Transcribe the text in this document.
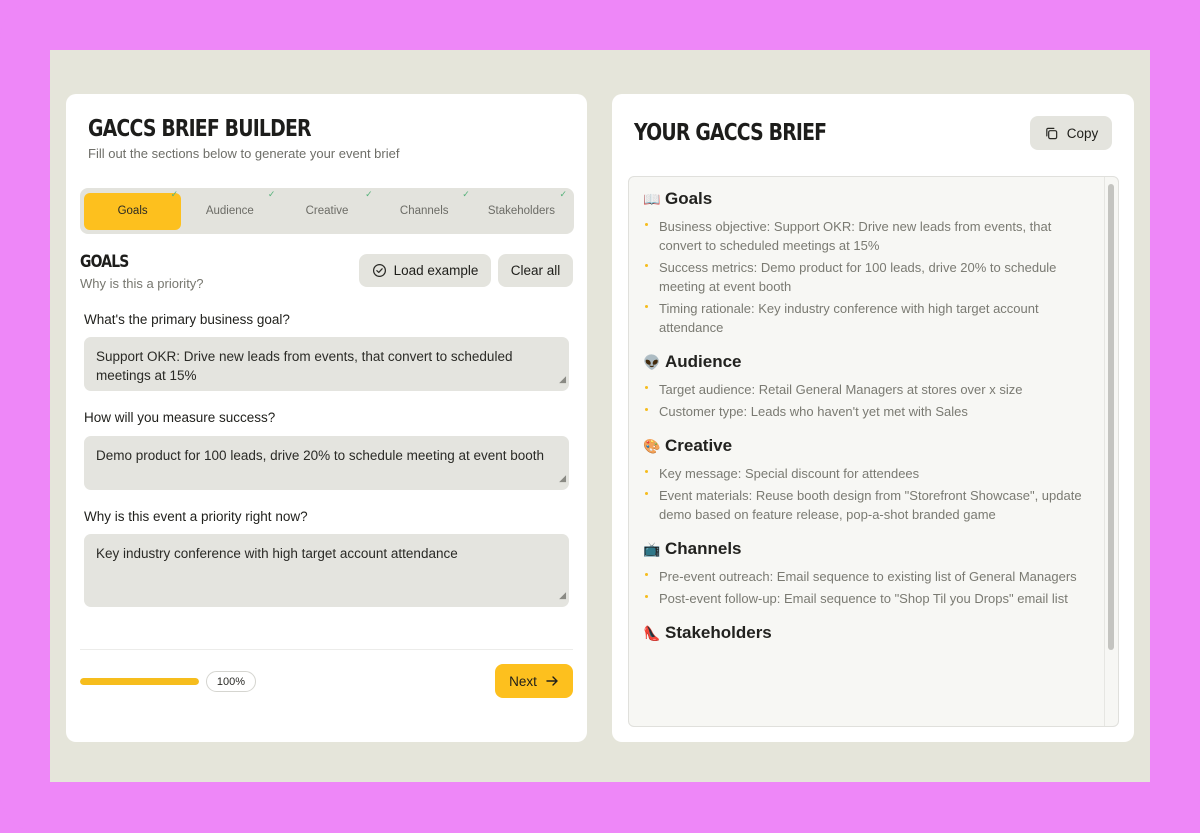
GACCS BRIEF BUILDER
Fill out the sections below to generate your event brief
Goals
✓
Audience
✓
Creative
✓
Channels
✓
Stakeholders
✓
GOALS
Why is this a priority?
Load example Clear all
What's the primary business goal?
Support OKR: Drive new leads from events, that convert to scheduled meetings at 15%	◢
How will you measure success?
Demo product for 100 leads, drive 20% to schedule meeting at event booth
◢
Why is this event a priority right now?
Key industry conference with high target account attendance
◢
100%	Next
YOUR GACCS BRIEF	Copy
📖 Goals
Business objective: Support OKR: Drive new leads from events, that convert to scheduled meetings at 15%
Success metrics: Demo product for 100 leads, drive 20% to schedule meeting at event booth
Timing rationale: Key industry conference with high target account attendance
👽 Audience
Target audience: Retail General Managers at stores over x size
Customer type: Leads who haven't yet met with Sales
🎨 Creative
Key message: Special discount for attendees
Event materials: Reuse booth design from "Storefront Showcase", update demo based on feature release, pop-a-shot branded game
📺 Channels
Pre-event outreach: Email sequence to existing list of General Managers
Post-event follow-up: Email sequence to "Shop Til you Drops" email list
👠 Stakeholders
